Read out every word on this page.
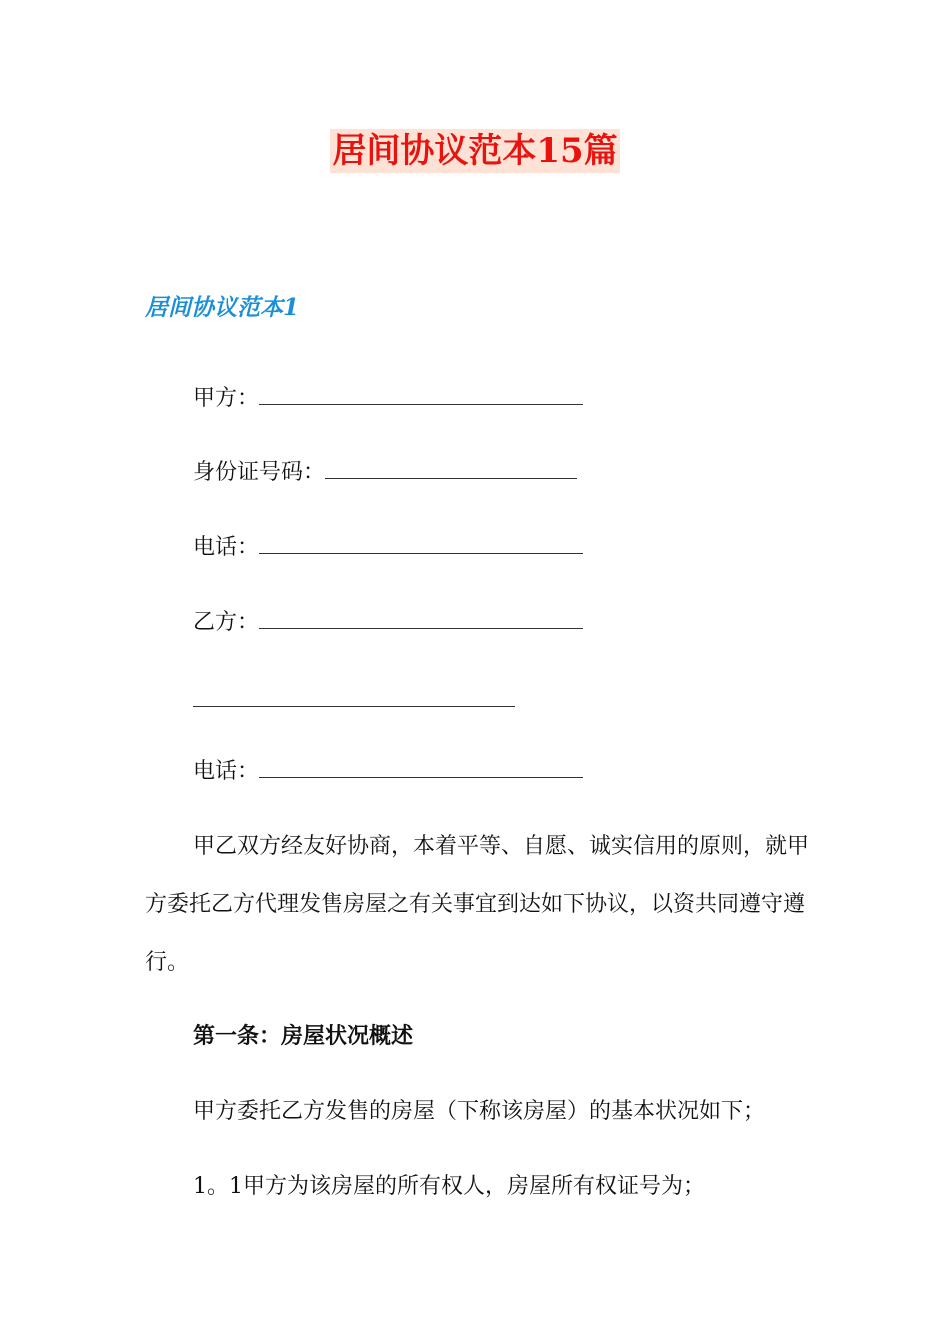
居间协议范本15篇
居间协议范本1
甲方：
身份证号码：
电话：
乙方：
电话：

甲乙双方经友好协商，本着平等、自愿、诚实信用的原则，就甲方委托乙方代理发售房屋之有关事宜到达如下协议，以资共同遵守遵行。

第一条：房屋状况概述

甲方委托乙方发售的房屋（下称该房屋）的基本状况如下；

1。1甲方为该房屋的所有权人，房屋所有权证号为；
